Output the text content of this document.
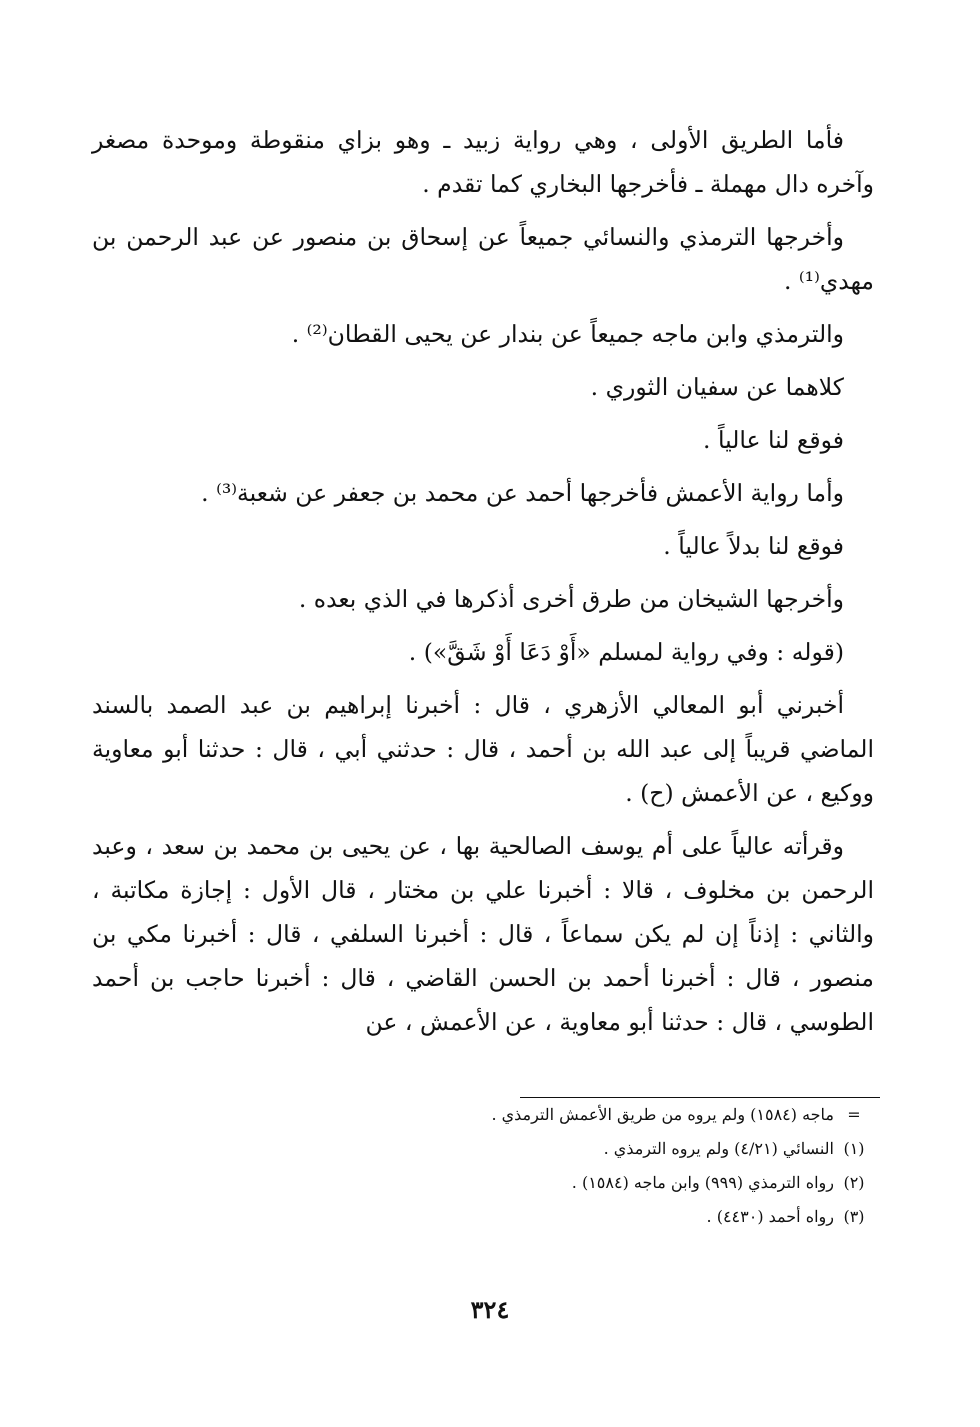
فأما الطريق الأولى ، وهي رواية زبيد ـ وهو بزاي منقوطة وموحدة مصغر وآخره دال مهملة ـ فأخرجها البخاري كما تقدم .

وأخرجها الترمذي والنسائي جميعاً عن إسحاق بن منصور عن عبد الرحمن بن مهدي⁽¹⁾ .

والترمذي وابن ماجه جميعاً عن بندار عن يحيى القطان⁽²⁾ .

كلاهما عن سفيان الثوري .

فوقع لنا عالياً .

وأما رواية الأعمش فأخرجها أحمد عن محمد بن جعفر عن شعبة⁽³⁾ .

فوقع لنا بدلاً عالياً .

وأخرجها الشيخان من طرق أخرى أذكرها في الذي بعده .

(قوله : وفي رواية لمسلم «أَوْ دَعَا أَوْ شَقَّ») .

أخبرني أبو المعالي الأزهري ، قال : أخبرنا إبراهيم بن عبد الصمد بالسند الماضي قريباً إلى عبد الله بن أحمد ، قال : حدثني أبي ، قال : حدثنا أبو معاوية ووكيع ، عن الأعمش (ح) .

وقرأته عالياً على أم يوسف الصالحية بها ، عن يحيى بن محمد بن سعد ، وعبد الرحمن بن مخلوف ، قالا : أخبرنا علي بن مختار ، قال الأول : إجازة مكاتبة ، والثاني : إذناً إن لم يكن سماعاً ، قال : أخبرنا السلفي ، قال : أخبرنا مكي بن منصور ، قال : أخبرنا أحمد بن الحسن القاضي ، قال : أخبرنا حاجب بن أحمد الطوسي ، قال : حدثنا أبو معاوية ، عن الأعمش ، عن

=
ماجه (١٥٨٤) ولم يروه من طريق الأعمش الترمذي .
(١)
النسائي (٤/٢١) ولم يروه الترمذي .
(٢)
رواه الترمذي (٩٩٩) وابن ماجه (١٥٨٤) .
(٣)
رواه أحمد (٤٤٣٠) .
٣٢٤
